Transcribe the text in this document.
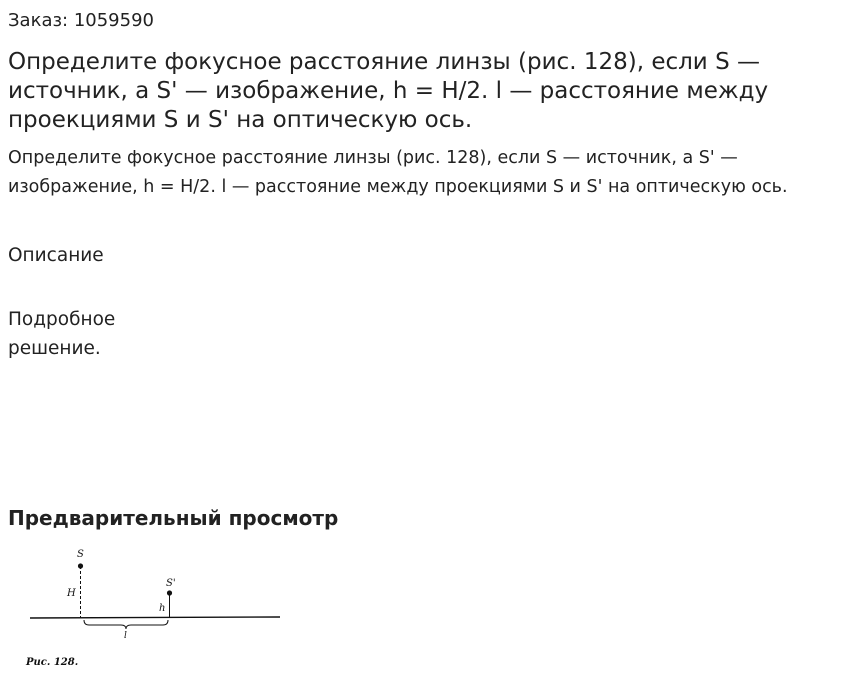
Заказ: 1059590
Определите фокусное расстояние линзы (рис. 128), если S — источник, а S' — изображение, h = H/2. l — расстояние между проекциями S и S' на оптическую ось.

Определите фокусное расстояние линзы (рис. 128), если S — источник, а S' — изображение, h = H/2. l — расстояние между проекциями S и S' на оптическую ось.

Описание
Подробное решение.
Предварительный просмотр
S
S'
H
h
l
Рис. 128.
